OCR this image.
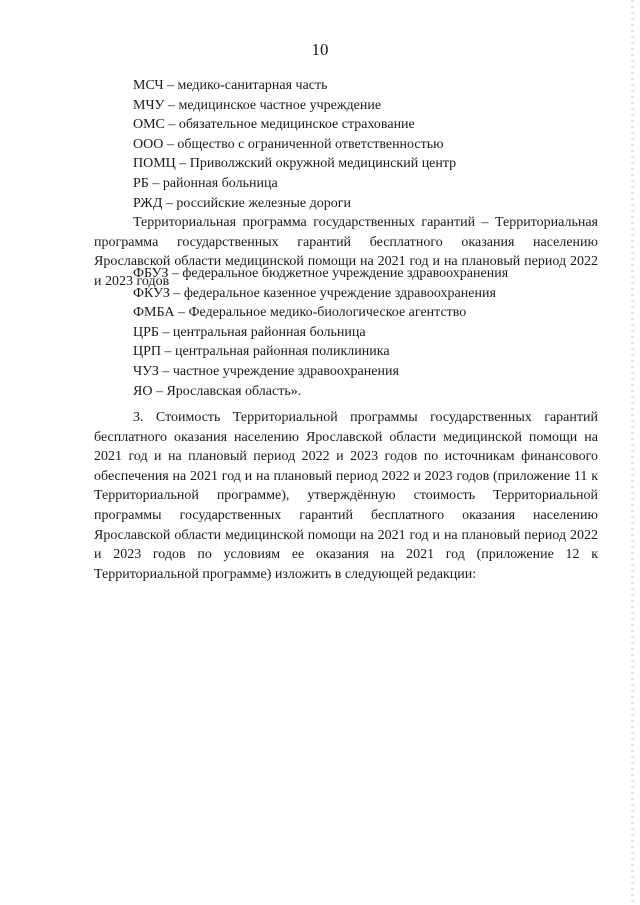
10
МСЧ – медико-санитарная часть
МЧУ – медицинское частное учреждение
ОМС – обязательное медицинское страхование
ООО – общество с ограниченной ответственностью
ПОМЦ – Приволжский окружной медицинский центр
РБ – районная больница
РЖД – российские железные дороги
Территориальная программа государственных гарантий – Территориальная программа государственных гарантий бесплатного оказания населению Ярославской области медицинской помощи на 2021 год и на плановый период 2022 и 2023 годов
ФБУЗ – федеральное бюджетное учреждение здравоохранения
ФКУЗ – федеральное казенное учреждение здравоохранения
ФМБА – Федеральное медико-биологическое агентство
ЦРБ – центральная районная больница
ЦРП – центральная районная поликлиника
ЧУЗ – частное учреждение здравоохранения
ЯО – Ярославская область».
3. Стоимость Территориальной программы государственных гарантий бесплатного оказания населению Ярославской области медицинской помощи на 2021 год и на плановый период 2022 и 2023 годов по источникам финансового обеспечения на 2021 год и на плановый период 2022 и 2023 годов (приложение 11 к Территориальной программе), утверждённую стоимость Территориальной программы государственных гарантий бесплатного оказания населению Ярославской области медицинской помощи на 2021 год и на плановый период 2022 и 2023 годов по условиям ее оказания на 2021 год (приложение 12 к Территориальной программе) изложить в следующей редакции:
